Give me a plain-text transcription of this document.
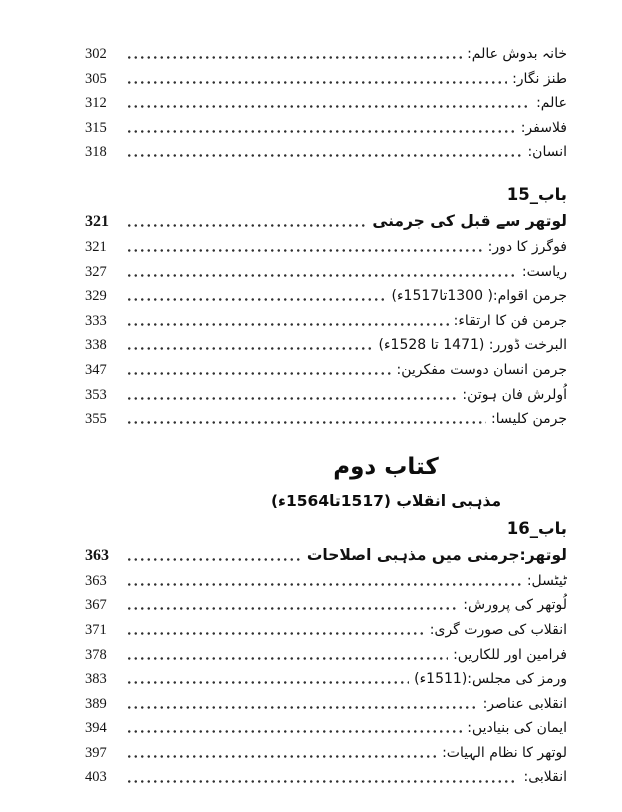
302	خانہ بدوش عالم:
305	طنز نگار:
312	عالم:
315	فلاسفر:
318	انسان:
باب_15
321	لوتھر سے قبل کی جرمنی
321	فوگرز کا دور:
327	ریاست:
329	جرمن اقوام:( 1300تا1517ء)
333	جرمن فن کا ارتقاء:
338	البرخت ڈورر: (1471 تا 1528ء)
347	جرمن انسان دوست مفکرین:
353	اُولرش فان ہوتن:
355	جرمن کلیسا:
کتاب دوم
مذہبی انقلاب (1517تا1564ء)
باب_16
363	لوتھر:جرمنی میں مذہبی اصلاحات
363	ٹیٹسل:
367	لُوتھر کی پرورش:
371	انقلاب کی صورت گری:
378	فرامین اور للکاریں:
383	ورمز کی مجلس:(1511ء)
389	انقلابی عناصر:
394	ایمان کی بنیادیں:
397	لوتھر کا نظام الہیات:
403	انقلابی:
